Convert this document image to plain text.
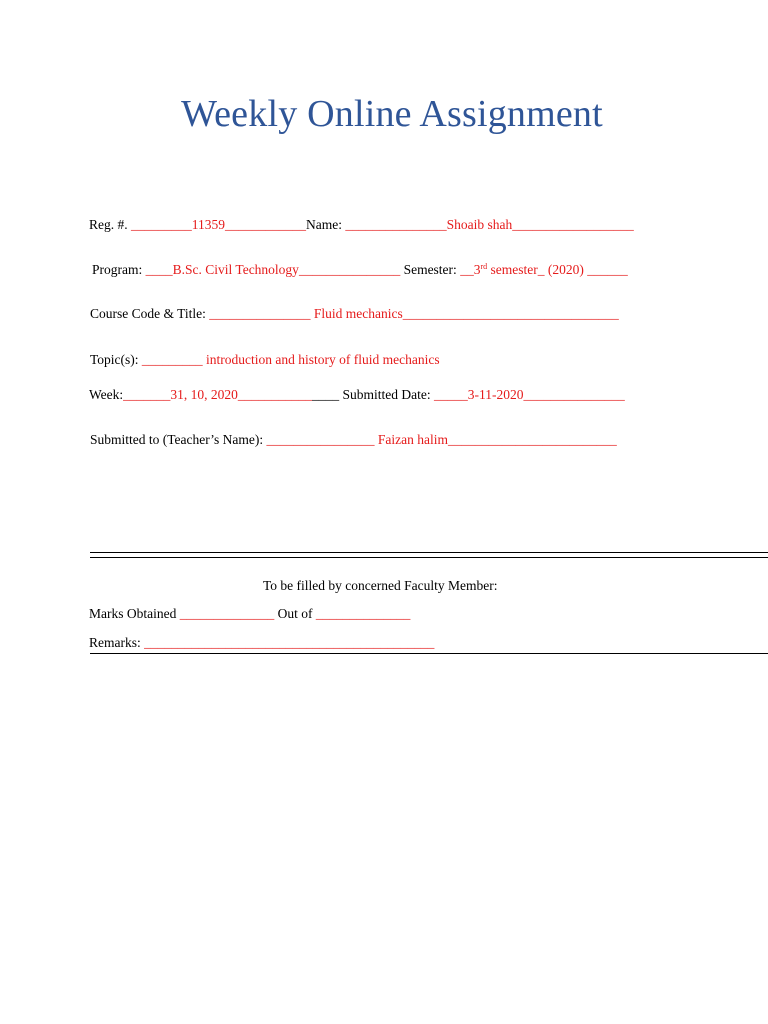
Weekly Online Assignment
Reg. #. _________11359____________Name: _______________Shoaib shah__________________
Program: ____B.Sc. Civil Technology_______________ Semester: __3rd semester_ (2020) ______
Course Code & Title: _______________ Fluid mechanics________________________________
Topic(s): _________ introduction and history of fluid mechanics
Week:_______31, 10, 2020_______________ Submitted Date: _____3-11-2020_______________
Submitted to (Teacher’s Name): ________________ Faizan halim_________________________
To be filled by concerned Faculty Member:
Marks Obtained ______________ Out of ______________
Remarks: ___________________________________________
